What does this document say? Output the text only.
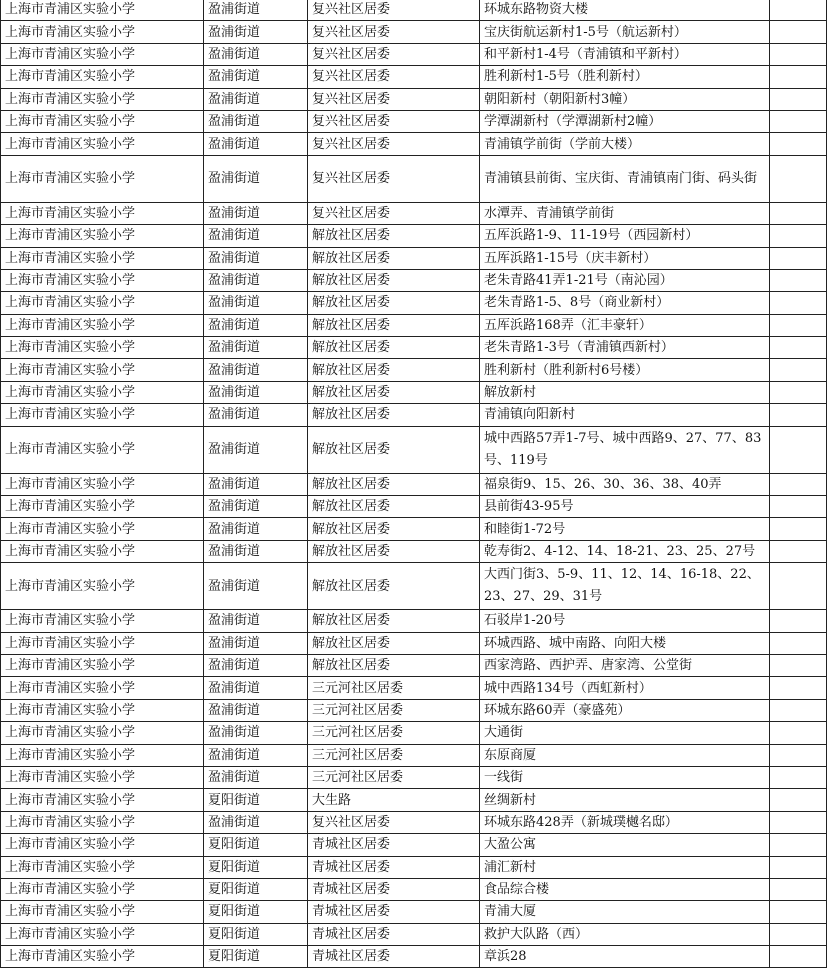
上海市青浦区实验小学	盈浦街道	复兴社区居委	环城东路物资大楼	
上海市青浦区实验小学	盈浦街道	复兴社区居委	宝庆街航运新村1-5号（航运新村）	
上海市青浦区实验小学	盈浦街道	复兴社区居委	和平新村1-4号（青浦镇和平新村）	
上海市青浦区实验小学	盈浦街道	复兴社区居委	胜利新村1-5号（胜利新村）	
上海市青浦区实验小学	盈浦街道	复兴社区居委	朝阳新村（朝阳新村3幢）	
上海市青浦区实验小学	盈浦街道	复兴社区居委	学潭湖新村（学潭湖新村2幢）	
上海市青浦区实验小学	盈浦街道	复兴社区居委	青浦镇学前街（学前大楼）	
上海市青浦区实验小学	盈浦街道	复兴社区居委	青浦镇县前街、宝庆街、青浦镇南门街、码头街	
上海市青浦区实验小学	盈浦街道	复兴社区居委	水潭弄、青浦镇学前街	
上海市青浦区实验小学	盈浦街道	解放社区居委	五厍浜路1-9、11-19号（西园新村）	
上海市青浦区实验小学	盈浦街道	解放社区居委	五厍浜路1-15号（庆丰新村）	
上海市青浦区实验小学	盈浦街道	解放社区居委	老朱青路41弄1-21号（南沁园）	
上海市青浦区实验小学	盈浦街道	解放社区居委	老朱青路1-5、8号（商业新村）	
上海市青浦区实验小学	盈浦街道	解放社区居委	五厍浜路168弄（汇丰豪轩）	
上海市青浦区实验小学	盈浦街道	解放社区居委	老朱青路1-3号（青浦镇西新村）	
上海市青浦区实验小学	盈浦街道	解放社区居委	胜利新村（胜利新村6号楼）	
上海市青浦区实验小学	盈浦街道	解放社区居委	解放新村	
上海市青浦区实验小学	盈浦街道	解放社区居委	青浦镇向阳新村	
上海市青浦区实验小学	盈浦街道	解放社区居委	城中西路57弄1-7号、城中西路9、27、77、83号、119号	
上海市青浦区实验小学	盈浦街道	解放社区居委	福泉街9、15、26、30、36、38、40弄	
上海市青浦区实验小学	盈浦街道	解放社区居委	县前街43-95号	
上海市青浦区实验小学	盈浦街道	解放社区居委	和睦街1-72号	
上海市青浦区实验小学	盈浦街道	解放社区居委	乾寿街2、4-12、14、18-21、23、25、27号	
上海市青浦区实验小学	盈浦街道	解放社区居委	大西门街3、5-9、11、12、14、16-18、22、23、27、29、31号	
上海市青浦区实验小学	盈浦街道	解放社区居委	石驳岸1-20号	
上海市青浦区实验小学	盈浦街道	解放社区居委	环城西路、城中南路、向阳大楼	
上海市青浦区实验小学	盈浦街道	解放社区居委	西家湾路、西护弄、唐家湾、公堂街	
上海市青浦区实验小学	盈浦街道	三元河社区居委	城中西路134号（西虹新村）	
上海市青浦区实验小学	盈浦街道	三元河社区居委	环城东路60弄（豪盛苑）	
上海市青浦区实验小学	盈浦街道	三元河社区居委	大通街	
上海市青浦区实验小学	盈浦街道	三元河社区居委	东原商厦	
上海市青浦区实验小学	盈浦街道	三元河社区居委	一线街	
上海市青浦区实验小学	夏阳街道	大生路	丝绸新村	
上海市青浦区实验小学	盈浦街道	复兴社区居委	环城东路428弄（新城璞樾名邸）	
上海市青浦区实验小学	夏阳街道	青城社区居委	大盈公寓	
上海市青浦区实验小学	夏阳街道	青城社区居委	浦汇新村	
上海市青浦区实验小学	夏阳街道	青城社区居委	食品综合楼	
上海市青浦区实验小学	夏阳街道	青城社区居委	青浦大厦	
上海市青浦区实验小学	夏阳街道	青城社区居委	救护大队路（西）	
上海市青浦区实验小学	夏阳街道	青城社区居委	章浜28	
